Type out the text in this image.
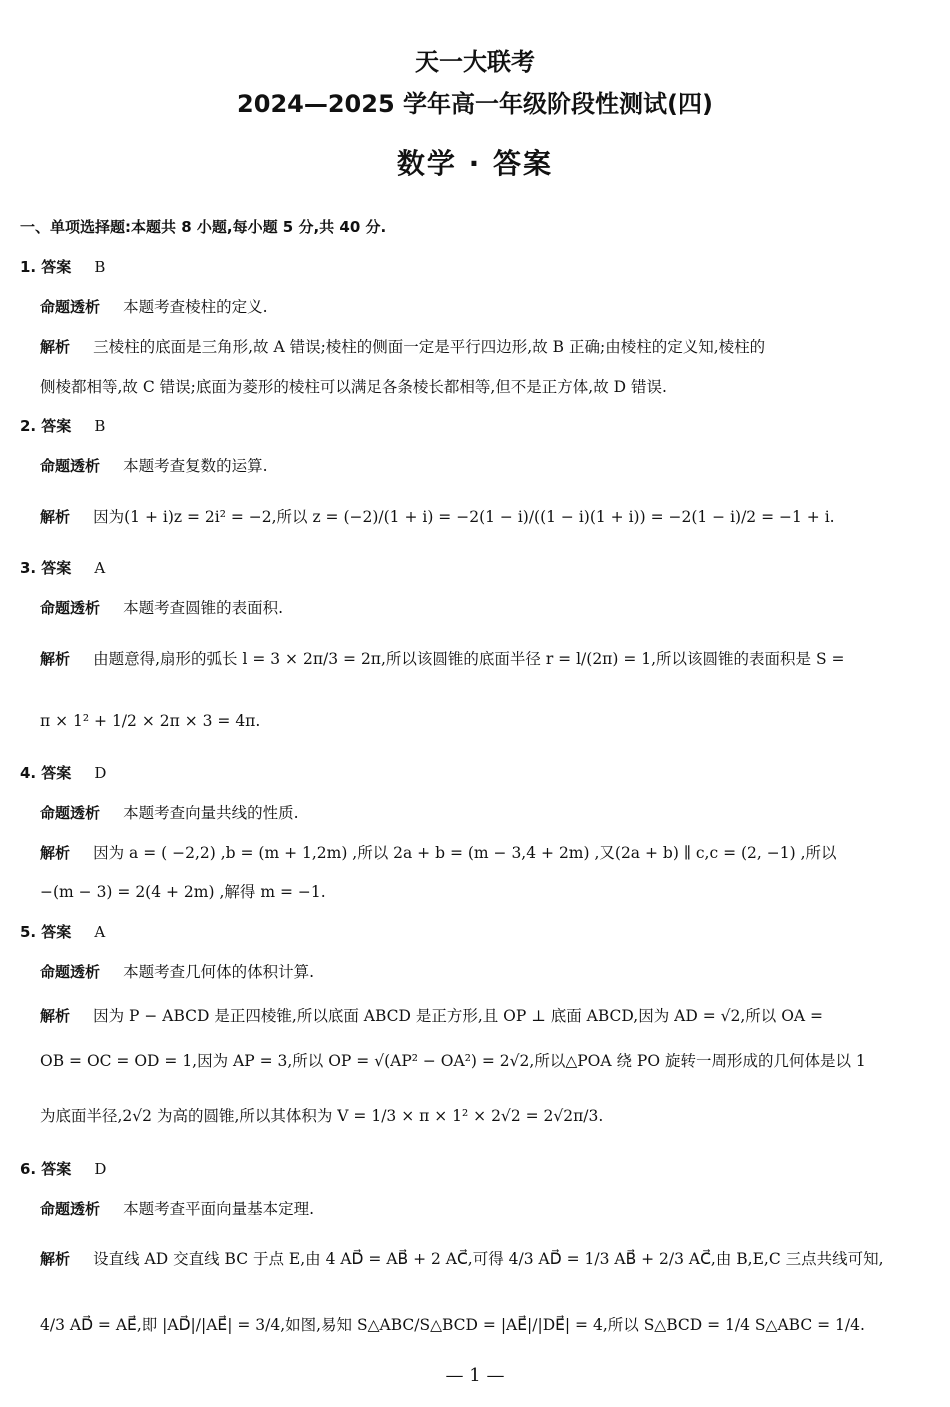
天一大联考
2024—2025 学年高一年级阶段性测试(四)
数学 · 答案
一、单项选择题:本题共 8 小题,每小题 5 分,共 40 分.
1. 答案 B
命题透析 本题考查棱柱的定义.
解析 三棱柱的底面是三角形,故 A 错误;棱柱的侧面一定是平行四边形,故 B 正确;由棱柱的定义知,棱柱的
侧棱都相等,故 C 错误;底面为菱形的棱柱可以满足各条棱长都相等,但不是正方体,故 D 错误.
2. 答案 B
命题透析 本题考查复数的运算.
解析 因为(1 + i)z = 2i² = −2,所以 z = (−2)/(1 + i) = −2(1 − i)/((1 − i)(1 + i)) = −2(1 − i)/2 = −1 + i.
3. 答案 A
命题透析 本题考查圆锥的表面积.
解析 由题意得,扇形的弧长 l = 3 × 2π/3 = 2π,所以该圆锥的底面半径 r = l/(2π) = 1,所以该圆锥的表面积是 S =
π × 1² + 1/2 × 2π × 3 = 4π.
4. 答案 D
命题透析 本题考查向量共线的性质.
解析 因为 a = ( −2,2) ,b = (m + 1,2m) ,所以 2a + b = (m − 3,4 + 2m) ,又(2a + b) ∥ c,c = (2, −1) ,所以
−(m − 3) = 2(4 + 2m) ,解得 m = −1.
5. 答案 A
命题透析 本题考查几何体的体积计算.
解析 因为 P − ABCD 是正四棱锥,所以底面 ABCD 是正方形,且 OP ⊥ 底面 ABCD,因为 AD = √2,所以 OA =
OB = OC = OD = 1,因为 AP = 3,所以 OP = √(AP² − OA²) = 2√2,所以△POA 绕 PO 旋转一周形成的几何体是以 1
为底面半径,2√2 为高的圆锥,所以其体积为 V = 1/3 × π × 1² × 2√2 = 2√2π/3.
6. 答案 D
命题透析 本题考查平面向量基本定理.
解析 设直线 AD 交直线 BC 于点 E,由 4 AD⃗ = AB⃗ + 2 AC⃗,可得 4/3 AD⃗ = 1/3 AB⃗ + 2/3 AC⃗,由 B,E,C 三点共线可知,
4/3 AD⃗ = AE⃗,即 |AD⃗|/|AE⃗| = 3/4,如图,易知 S△ABC/S△BCD = |AE⃗|/|DE⃗| = 4,所以 S△BCD = 1/4 S△ABC = 1/4.
— 1 —
